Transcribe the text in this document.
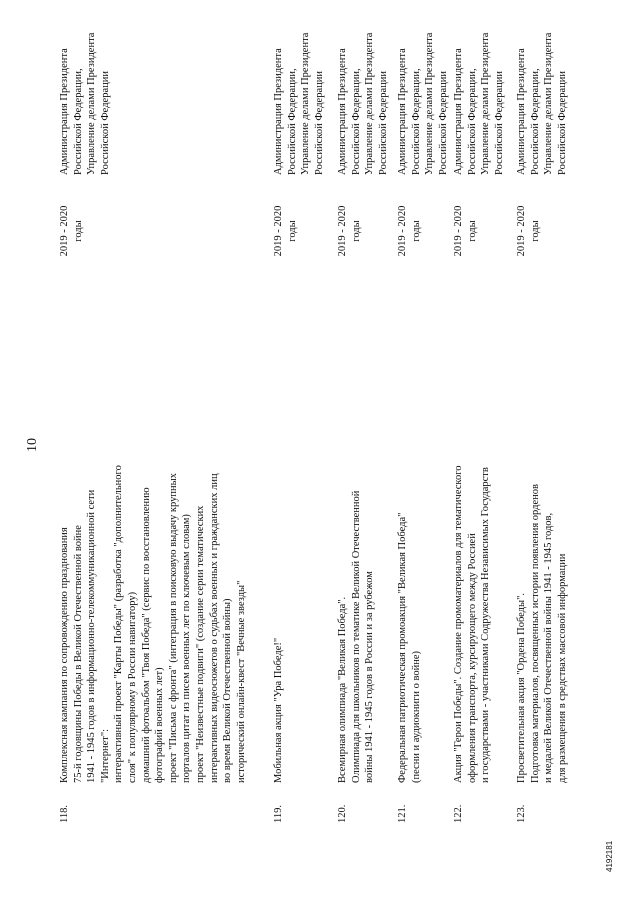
10
118.
Комплексная кампания по сопровождению празднования 75-й годовщины Победы в Великой Отечественной войне 1941 - 1945 годов в информационно-телекоммуникационной сети "Интернет": интерактивный проект "Карты Победы" (разработка "дополнительного слоя" к популярному в России навигатору) домашний фотоальбом "Твоя Победа" (сервис по восстановлению фотографий военных лет) проект "Письма с фронта" (интеграция в поисковую выдачу крупных порталов цитат из писем военных лет по ключевым словам) проект "Неизвестные подвиги" (создание серии тематических интерактивных видеосюжетов о судьбах военных и гражданских лиц во время Великой Отечественной войны) исторический онлайн-квест "Вечные звезды"
2019 - 2020 годы
Администрация Президента Российской Федерации, Управление делами Президента Российской Федерации
119.
Мобильная акция "Ура Победе!"
2019 - 2020 годы
Администрация Президента Российской Федерации, Управление делами Президента Российской Федерации
120.
Всемирная олимпиада "Великая Победа". Олимпиада для школьников по тематике Великой Отечественной войны 1941 - 1945 годов в России и за рубежом
2019 - 2020 годы
Администрация Президента Российской Федерации, Управление делами Президента Российской Федерации
121.
Федеральная патриотическая промоакция "Великая Победа" (песни и аудиокниги о войне)
2019 - 2020 годы
Администрация Президента Российской Федерации, Управление делами Президента Российской Федерации
122.
Акция "Герои Победы". Создание промоматериалов для тематического оформления транспорта, курсирующего между Россией и государствами - участниками Содружества Независимых Государств
2019 - 2020 годы
Администрация Президента Российской Федерации, Управление делами Президента Российской Федерации
123.
Просветительная акция "Ордена Победы". Подготовка материалов, посвященных истории появления орденов и медалей Великой Отечественной войны 1941 - 1945 годов, для размещения в средствах массовой информации
2019 - 2020 годы
Администрация Президента Российской Федерации, Управление делами Президента Российской Федерации
4192181
